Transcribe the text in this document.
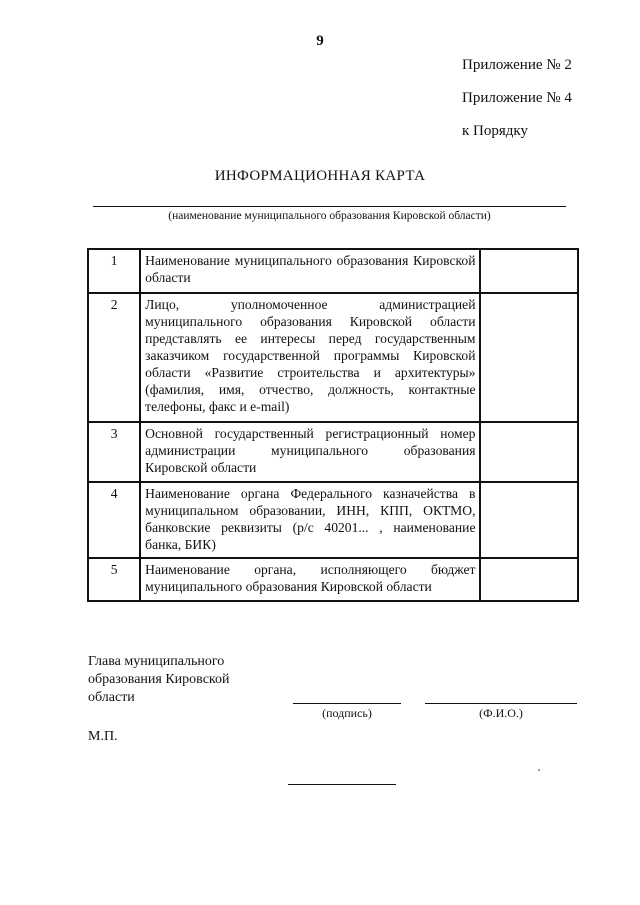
9
Приложение № 2
Приложение № 4
к Порядку
ИНФОРМАЦИОННАЯ КАРТА
(наименование муниципального образования Кировской области)
1	Наименование муниципального образования Кировской области	
2	Лицо, уполномоченное администрацией муниципального образования Кировской области представлять ее интересы перед государственным заказчиком государственной программы Кировской области «Развитие строительства и архитектуры» (фамилия, имя, отчество, должность, контактные телефоны, факс и e-mail)	
3	Основной государственный регистрационный номер администрации муниципального образования Кировской области	
4	Наименование органа Федерального казначейства в муниципальном образовании, ИНН, КПП, ОКТМО, банковские реквизиты (р/с 40201... , наименование банка, БИК)	
5	Наименование органа, исполняющего бюджет муниципального образования Кировской области	
Глава муниципального
образования Кировской
области
(подпись)	(Ф.И.О.)
М.П.
